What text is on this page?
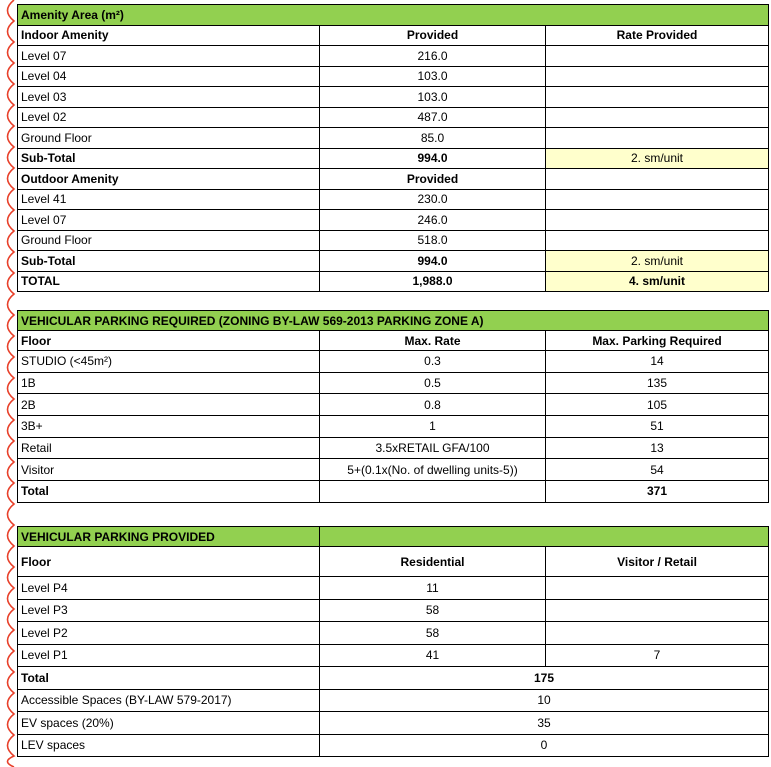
Amenity Area (m²)		
Indoor Amenity	Provided	Rate Provided
Level 07	216.0	
Level 04	103.0	
Level 03	103.0	
Level 02	487.0	
Ground Floor	85.0	
Sub-Total	994.0	2. sm/unit
Outdoor Amenity	Provided	
Level 41	230.0	
Level 07	246.0	
Ground Floor	518.0	
Sub-Total	994.0	2. sm/unit
TOTAL	1,988.0	4. sm/unit
VEHICULAR PARKING REQUIRED (ZONING BY-LAW 569-2013 PARKING ZONE A)		
Floor	Max. Rate	Max. Parking Required
STUDIO (<45m²)	0.3	14
1B	0.5	135
2B	0.8	105
3B+	1	51
Retail	3.5xRETAIL GFA/100	13
Visitor	5+(0.1x(No. of dwelling units-5))	54
Total		371
VEHICULAR PARKING PROVIDED		
Floor	Residential	Visitor / Retail
Level P4	11	
Level P3	58	
Level P2	58	
Level P1	41	7
Total	175	
Accessible Spaces (BY-LAW 579-2017)	10	
EV spaces (20%)	35	
LEV spaces	0	
